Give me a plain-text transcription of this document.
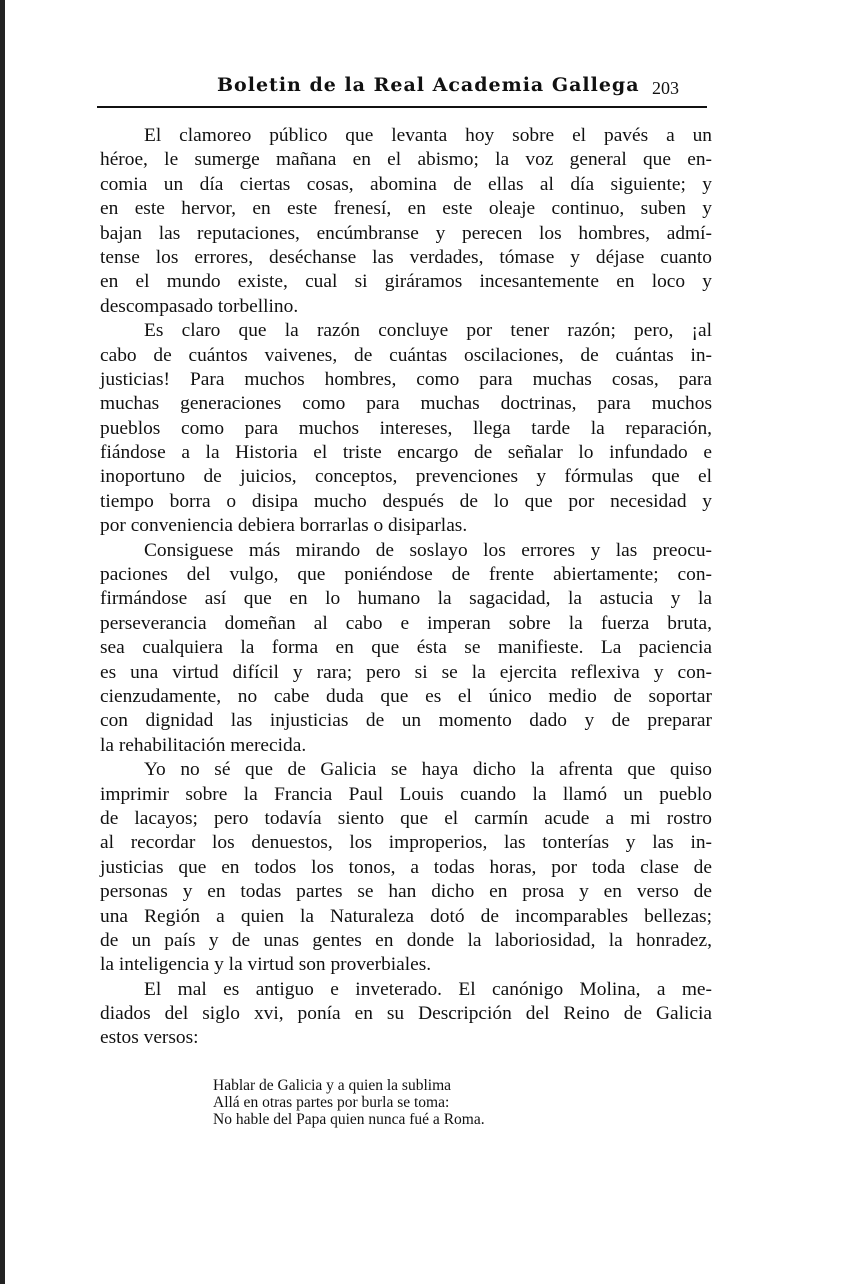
Boletin de la Real Academia Gallega 203
El clamoreo público que levanta hoy sobre el pavés a un
héroe, le sumerge mañana en el abismo; la voz general que en-
comia un día ciertas cosas, abomina de ellas al día siguiente; y
en este hervor, en este frenesí, en este oleaje continuo, suben y
bajan las reputaciones, encúmbranse y perecen los hombres, admí-
tense los errores, deséchanse las verdades, tómase y déjase cuanto
en el mundo existe, cual si giráramos incesantemente en loco y
descompasado torbellino.
Es claro que la razón concluye por tener razón; pero, ¡al
cabo de cuántos vaivenes, de cuántas oscilaciones, de cuántas in-
justicias! Para muchos hombres, como para muchas cosas, para
muchas generaciones como para muchas doctrinas, para muchos
pueblos como para muchos intereses, llega tarde la reparación,
fiándose a la Historia el triste encargo de señalar lo infundado e
inoportuno de juicios, conceptos, prevenciones y fórmulas que el
tiempo borra o disipa mucho después de lo que por necesidad y
por conveniencia debiera borrarlas o disiparlas.
Consiguese más mirando de soslayo los errores y las preocu-
paciones del vulgo, que poniéndose de frente abiertamente; con-
firmándose así que en lo humano la sagacidad, la astucia y la
perseverancia domeñan al cabo e imperan sobre la fuerza bruta,
sea cualquiera la forma en que ésta se manifieste. La paciencia
es una virtud difícil y rara; pero si se la ejercita reflexiva y con-
cienzudamente, no cabe duda que es el único medio de soportar
con dignidad las injusticias de un momento dado y de preparar
la rehabilitación merecida.
Yo no sé que de Galicia se haya dicho la afrenta que quiso
imprimir sobre la Francia Paul Louis cuando la llamó un pueblo
de lacayos; pero todavía siento que el carmín acude a mi rostro
al recordar los denuestos, los improperios, las tonterías y las in-
justicias que en todos los tonos, a todas horas, por toda clase de
personas y en todas partes se han dicho en prosa y en verso de
una Región a quien la Naturaleza dotó de incomparables bellezas;
de un país y de unas gentes en donde la laboriosidad, la honradez,
la inteligencia y la virtud son proverbiales.
El mal es antiguo e inveterado. El canónigo Molina, a me-
diados del siglo xvi, ponía en su Descripción del Reino de Galicia
estos versos:
Hablar de Galicia y a quien la sublima
Allá en otras partes por burla se toma:
No hable del Papa quien nunca fué a Roma.
